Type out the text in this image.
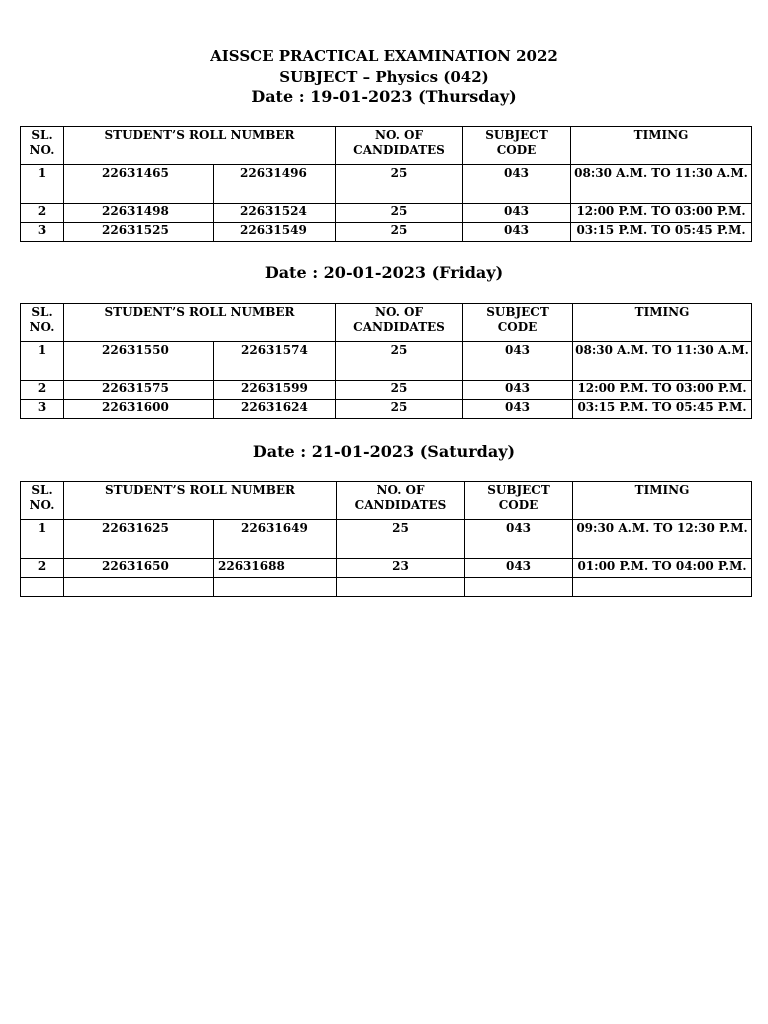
AISSCE PRACTICAL EXAMINATION 2022
SUBJECT – Physics (042)
Date : 19-01-2023 (Thursday)
SL. NO.	STUDENT’S ROLL NUMBER		NO. OF CANDIDATES	SUBJECT CODE	TIMING
1	22631465	22631496	25	043	08:30 A.M. TO 11:30 A.M.
2	22631498	22631524	25	043	12:00 P.M. TO 03:00 P.M.
3	22631525	22631549	25	043	03:15 P.M. TO 05:45 P.M.
Date : 20-01-2023 (Friday)
SL. NO.	STUDENT’S ROLL NUMBER		NO. OF CANDIDATES	SUBJECT CODE	TIMING
1	22631550	22631574	25	043	08:30 A.M. TO 11:30 A.M.
2	22631575	22631599	25	043	12:00 P.M. TO 03:00 P.M.
3	22631600	22631624	25	043	03:15 P.M. TO 05:45 P.M.
Date : 21-01-2023 (Saturday)
SL. NO.	STUDENT’S ROLL NUMBER		NO. OF CANDIDATES	SUBJECT CODE	TIMING
1	22631625	22631649	25	043	09:30 A.M. TO 12:30 P.M.
2	22631650	22631688	23	043	01:00 P.M. TO 04:00 P.M.
